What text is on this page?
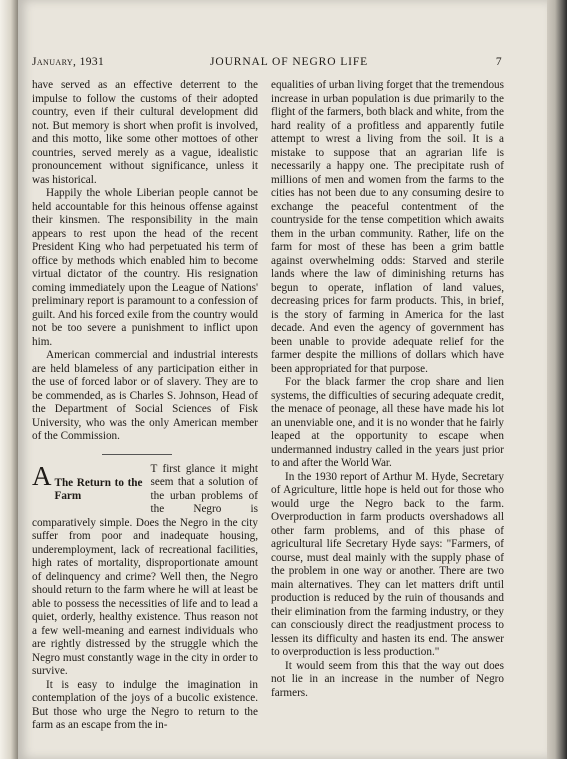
January, 1931	JOURNAL OF NEGRO LIFE	7

have served as an effective deterrent to the impulse to follow the customs of their adopted country, even if their cultural development did not. But memory is short when profit is involved, and this motto, like some other mottoes of other countries, served merely as a vague, idealistic pronouncement without significance, unless it was historical.

Happily the whole Liberian people cannot be held accountable for this heinous offense against their kinsmen. The responsibility in the main appears to rest upon the head of the recent President King who had perpetuated his term of office by methods which enabled him to become virtual dictator of the country. His resignation coming immediately upon the League of Nations' preliminary report is paramount to a confession of guilt. And his forced exile from the country would not be too severe a punishment to inflict upon him.

American commercial and industrial interests are held blameless of any participation either in the use of forced labor or of slavery. They are to be commended, as is Charles S. Johnson, Head of the Department of Social Sciences of Fisk University, who was the only American member of the Commission.

A The Return to the Farm
T first glance it might seem that a solution of the urban problems of the Negro is comparatively simple. Does the Negro in the city suffer from poor and inadequate housing, underemployment, lack of recreational facilities, high rates of mortality, disproportionate amount of delinquency and crime? Well then, the Negro should return to the farm where he will at least be able to possess the necessities of life and to lead a quiet, orderly, healthy existence. Thus reason not a few well-meaning and earnest individuals who are rightly distressed by the struggle which the Negro must constantly wage in the city in order to survive.

It is easy to indulge the imagination in contemplation of the joys of a bucolic existence. But those who urge the Negro to return to the farm as an escape from the in-

equalities of urban living forget that the tremendous increase in urban population is due primarily to the flight of the farmers, both black and white, from the hard reality of a profitless and apparently futile attempt to wrest a living from the soil. It is a mistake to suppose that an agrarian life is necessarily a happy one. The precipitate rush of millions of men and women from the farms to the cities has not been due to any consuming desire to exchange the peaceful contentment of the countryside for the tense competition which awaits them in the urban community. Rather, life on the farm for most of these has been a grim battle against overwhelming odds: Starved and sterile lands where the law of diminishing returns has begun to operate, inflation of land values, decreasing prices for farm products. This, in brief, is the story of farming in America for the last decade. And even the agency of government has been unable to provide adequate relief for the farmer despite the millions of dollars which have been appropriated for that purpose.

For the black farmer the crop share and lien systems, the difficulties of securing adequate credit, the menace of peonage, all these have made his lot an unenviable one, and it is no wonder that he fairly leaped at the opportunity to escape when undermanned industry called in the years just prior to and after the World War.

In the 1930 report of Arthur M. Hyde, Secretary of Agriculture, little hope is held out for those who would urge the Negro back to the farm. Overproduction in farm products overshadows all other farm problems, and of this phase of agricultural life Secretary Hyde says: "Farmers, of course, must deal mainly with the supply phase of the problem in one way or another. There are two main alternatives. They can let matters drift until production is reduced by the ruin of thousands and their elimination from the farming industry, or they can consciously direct the readjustment process to lessen its difficulty and hasten its end. The answer to overproduction is less production."

It would seem from this that the way out does not lie in an increase in the number of Negro farmers.
